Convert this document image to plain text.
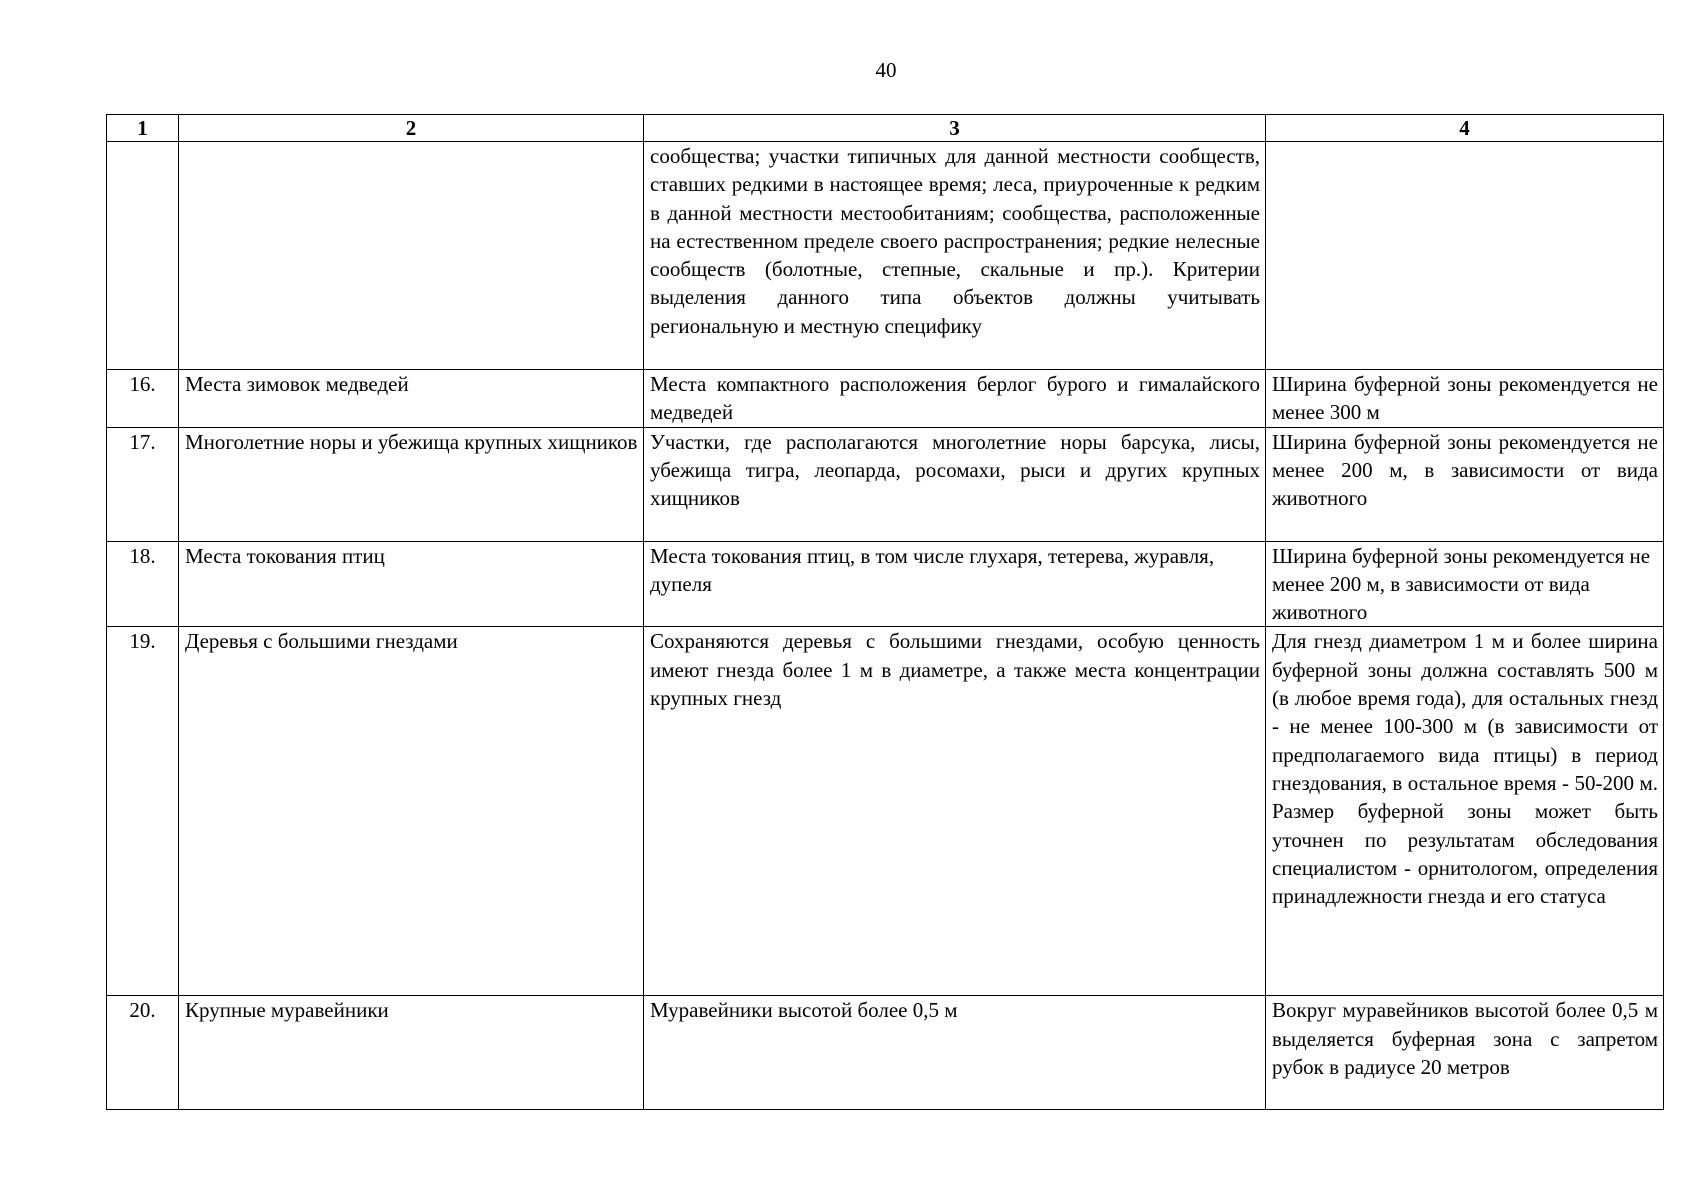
40
1	2	3	4
		сообщества; участки типичных для данной местности сообществ, ставших редкими в настоящее время; леса, приуроченные к редким в данной местности местообитаниям; сообщества, расположенные на естественном пределе своего распространения; редкие нелесные сообществ (болотные, степные, скальные и пр.). Критерии выделения данного типа объектов должны учитывать региональную и местную специфику	
16.	Места зимовок медведей	Места компактного расположения берлог бурого и гималайского медведей	Ширина буферной зоны рекомендуется не менее 300 м
17.	Многолетние норы и убежища крупных хищников	Участки, где располагаются многолетние норы барсука, лисы, убежища тигра, леопарда, росомахи, рыси и других крупных хищников	Ширина буферной зоны рекомендуется не менее 200 м, в зависимости от вида животного
18.	Места токования птиц	Места токования птиц, в том числе глухаря, тетерева, журавля, дупеля	Ширина буферной зоны рекомендуется не менее 200 м, в зависимости от вида животного
19.	Деревья с большими гнездами	Сохраняются деревья с большими гнездами, особую ценность имеют гнезда более 1 м в диаметре, а также места концентрации крупных гнезд	Для гнезд диаметром 1 м и более ширина буферной зоны должна составлять 500 м (в любое время года), для остальных гнезд - не менее 100-300 м (в зависимости от предполагаемого вида птицы) в период гнездования, в остальное время - 50-200 м. Размер буферной зоны может быть уточнен по результатам обследования специалистом - орнитологом, определения принадлежности гнезда и его статуса
20.	Крупные муравейники	Муравейники высотой более 0,5 м	Вокруг муравейников высотой более 0,5 м выделяется буферная зона с запретом рубок в радиусе 20 метров
